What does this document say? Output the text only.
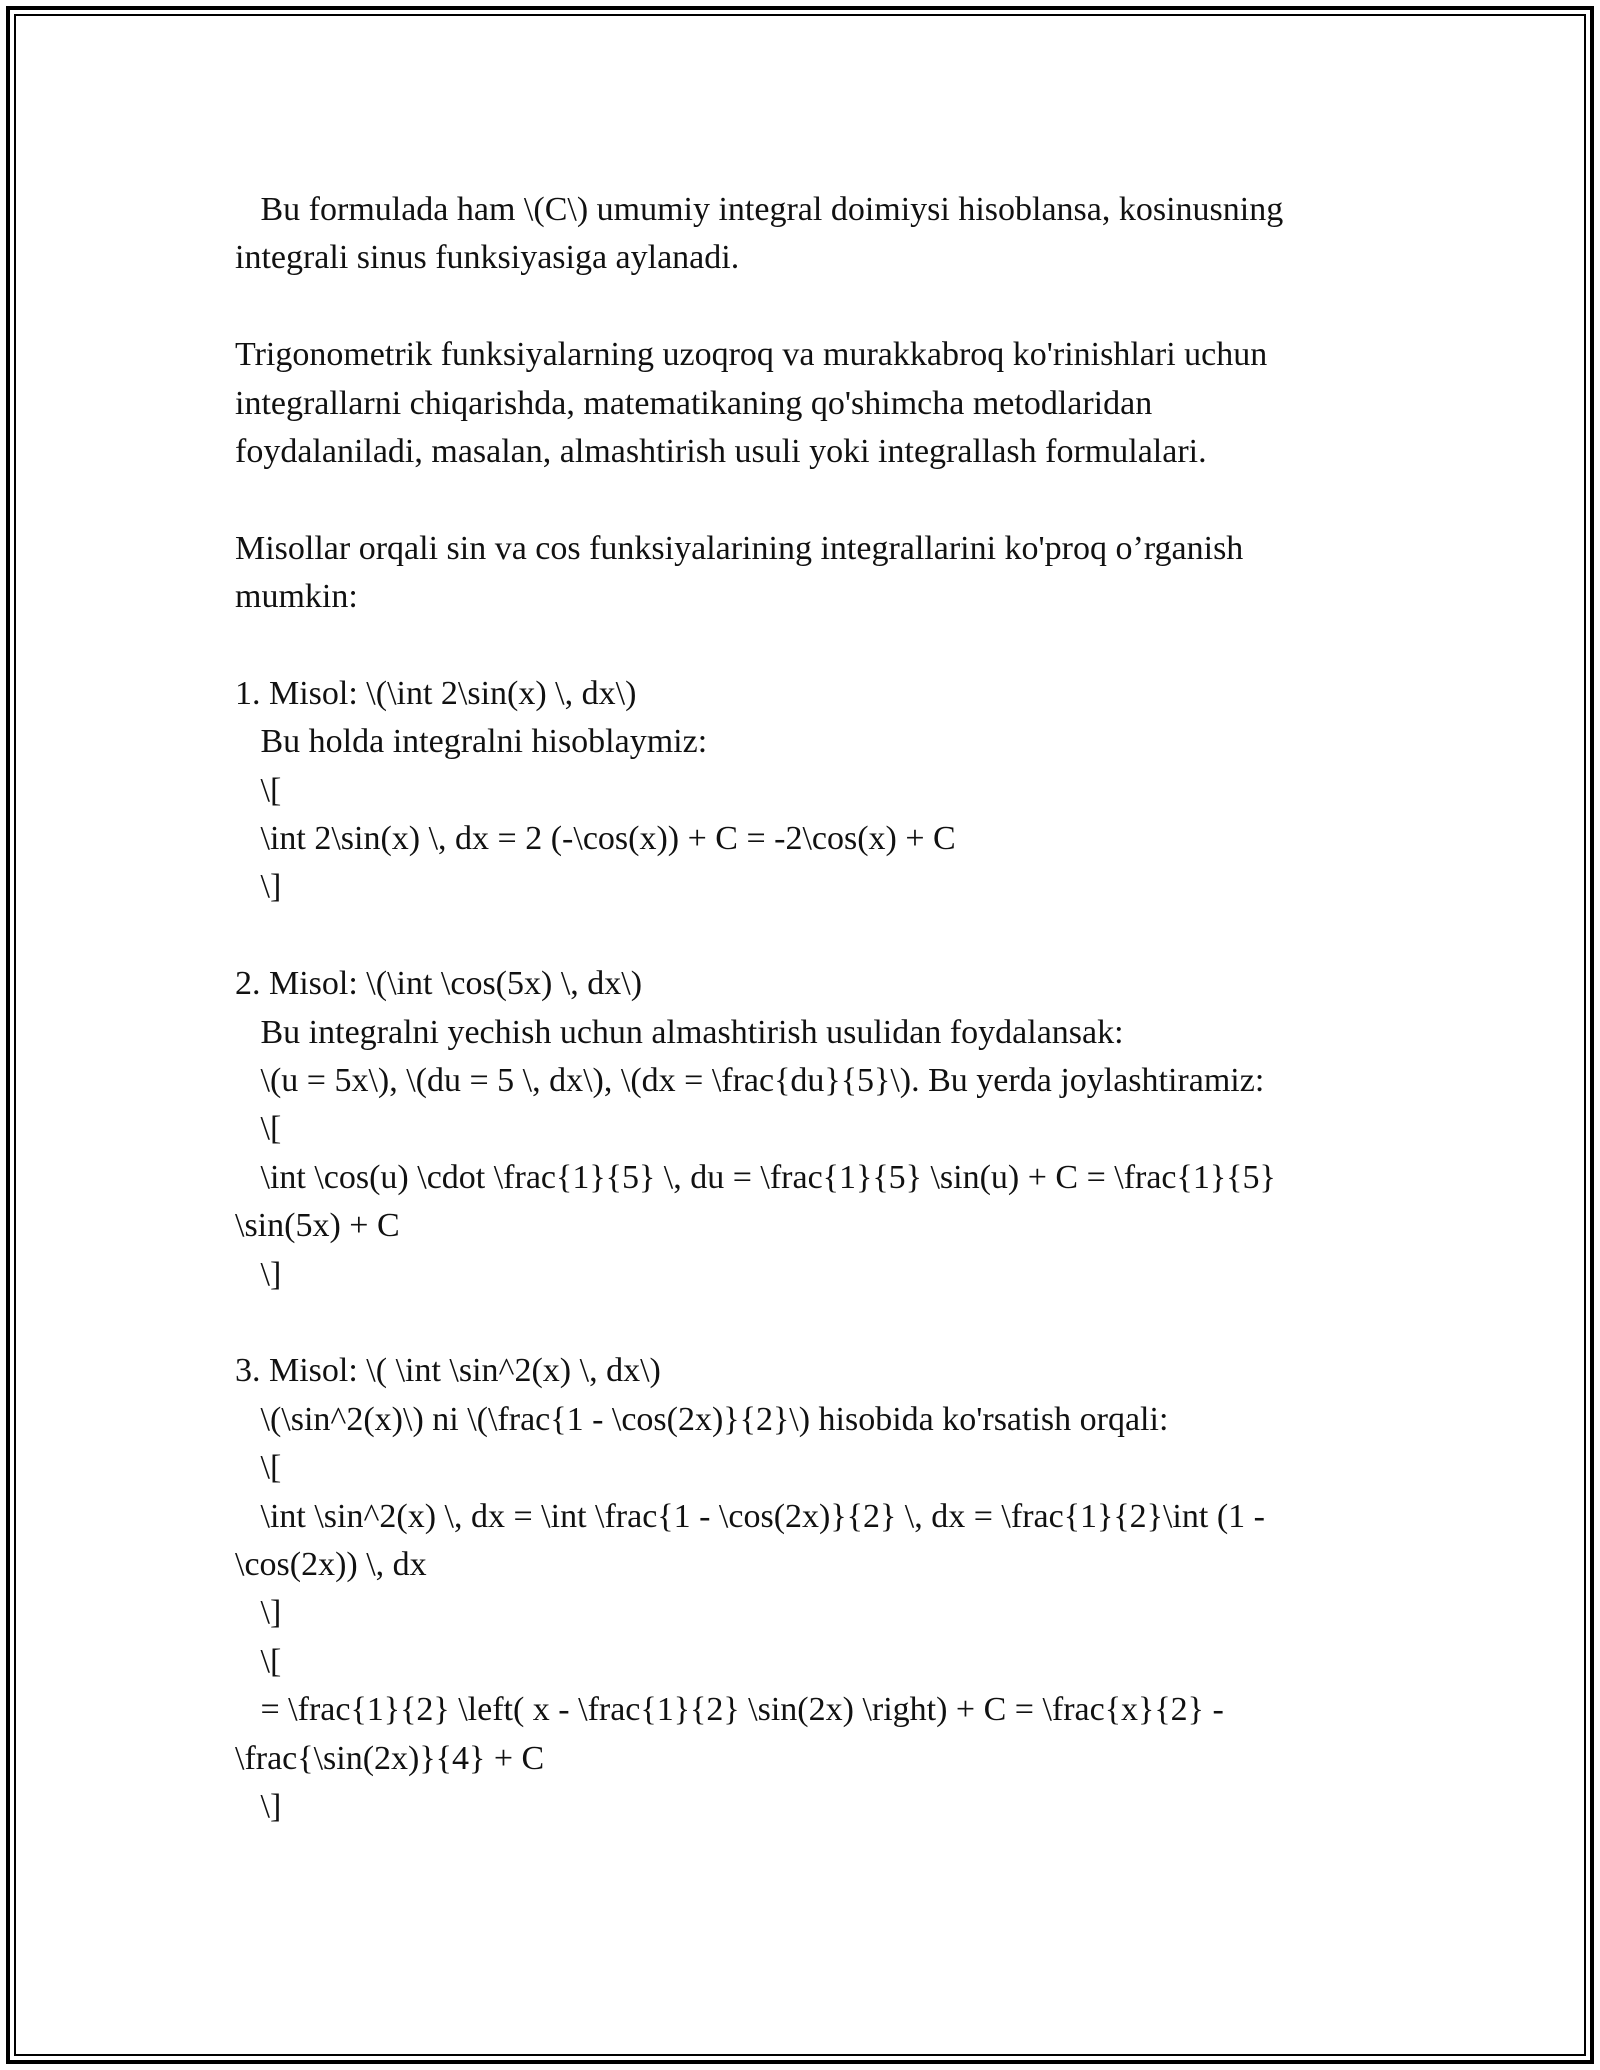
Bu formulada ham \(C\) umumiy integral doimiysi hisoblansa, kosinusning
integrali sinus funksiyasiga aylanadi.
Trigonometrik funksiyalarning uzoqroq va murakkabroq ko'rinishlari uchun
integrallarni chiqarishda, matematikaning qo'shimcha metodlaridan
foydalaniladi, masalan, almashtirish usuli yoki integrallash formulalari.
Misollar orqali sin va cos funksiyalarining integrallarini ko'proq o’rganish
mumkin:
1. Misol: \(\int 2\sin(x) \, dx\)
Bu holda integralni hisoblaymiz:
\[
\int 2\sin(x) \, dx = 2 (-\cos(x)) + C = -2\cos(x) + C
\]
2. Misol: \(\int \cos(5x) \, dx\)
Bu integralni yechish uchun almashtirish usulidan foydalansak:
\(u = 5x\), \(du = 5 \, dx\), \(dx = \frac{du}{5}\). Bu yerda joylashtiramiz:
\[
\int \cos(u) \cdot \frac{1}{5} \, du = \frac{1}{5} \sin(u) + C = \frac{1}{5}
\sin(5x) + C
\]
3. Misol: \( \int \sin^2(x) \, dx\)
\(\sin^2(x)\) ni \(\frac{1 - \cos(2x)}{2}\) hisobida ko'rsatish orqali:
\[
\int \sin^2(x) \, dx = \int \frac{1 - \cos(2x)}{2} \, dx = \frac{1}{2}\int (1 -
\cos(2x)) \, dx
\]
\[
= \frac{1}{2} \left( x - \frac{1}{2} \sin(2x) \right) + C = \frac{x}{2} -
\frac{\sin(2x)}{4} + C
\]
